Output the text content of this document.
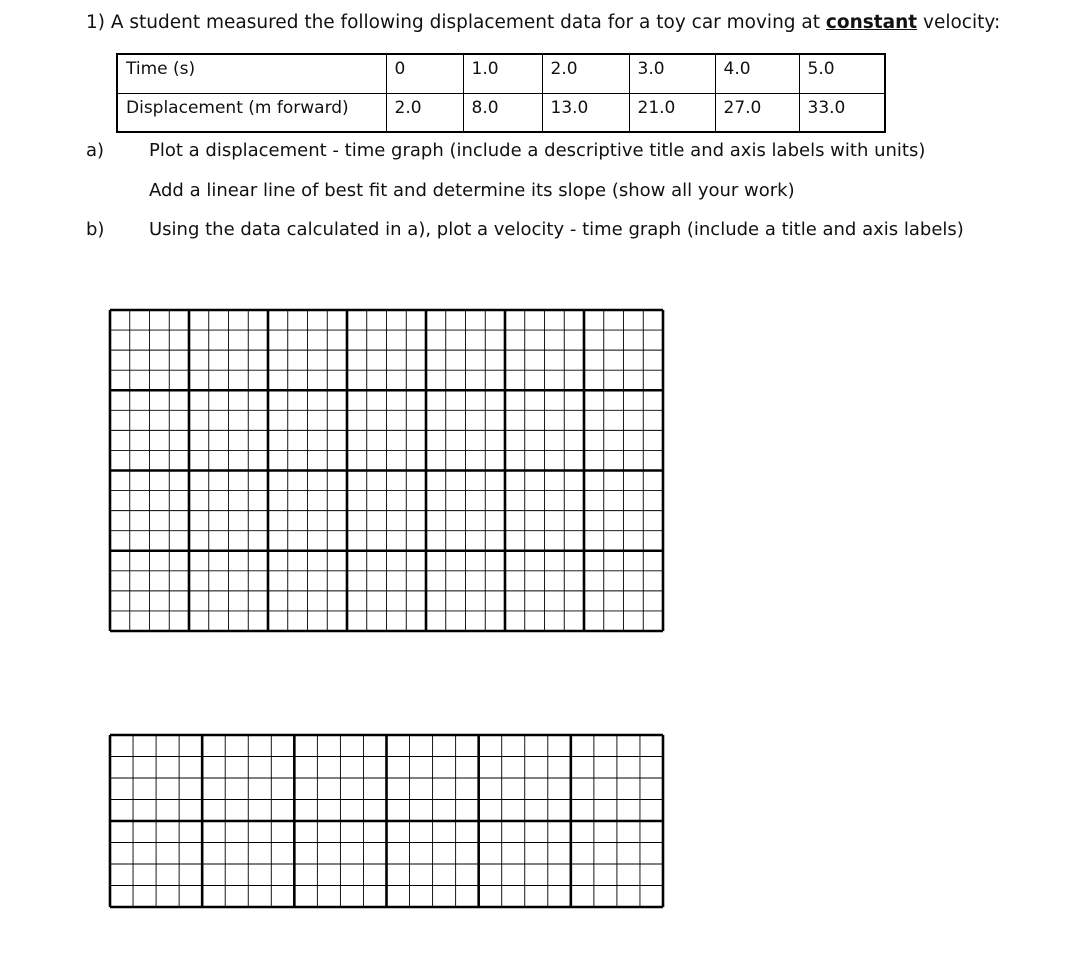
1) A student measured the following displacement data for a toy car moving at constant velocity:
Time (s)	0	1.0	2.0	3.0	4.0	5.0
Displacement (m forward)	2.0	8.0	13.0	21.0	27.0	33.0
a) Plot a displacement - time graph (include a descriptive title and axis labels with units)
Add a linear line of best fit and determine its slope (show all your work)
b) Using the data calculated in a), plot a velocity - time graph (include a title and axis labels)
